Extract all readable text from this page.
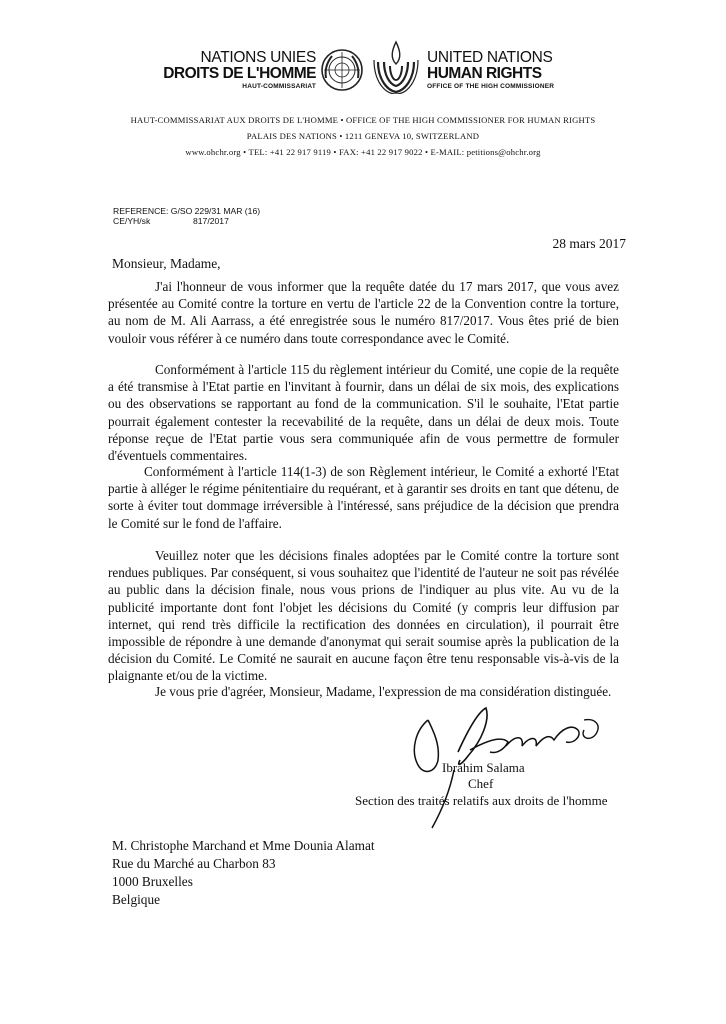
NATIONS UNIES
DROITS DE L'HOMME
HAUT-COMMISSARIAT
UNITED NATIONS
HUMAN RIGHTS
OFFICE OF THE HIGH COMMISSIONER
HAUT-COMMISSARIAT AUX DROITS DE L'HOMME • OFFICE OF THE HIGH COMMISSIONER FOR HUMAN RIGHTS
PALAIS DES NATIONS • 1211 GENEVA 10, SWITZERLAND
www.ohchr.org • TEL: +41 22 917 9119 • FAX: +41 22 917 9022 • E-MAIL: petitions@ohchr.org
REFERENCE: G/SO 229/31 MAR (16)
CE/YH/sk	817/2017
28 mars 2017
Monsieur, Madame,

J'ai l'honneur de vous informer que la requête datée du 17 mars 2017, que vous avez présentée au Comité contre la torture en vertu de l'article 22 de la Convention contre la torture, au nom de M. Ali Aarrass, a été enregistrée sous le numéro 817/2017. Vous êtes prié de bien vouloir vous référer à ce numéro dans toute correspondance avec le Comité.

Conformément à l'article 115 du règlement intérieur du Comité, une copie de la requête a été transmise à l'Etat partie en l'invitant à fournir, dans un délai de six mois, des explications ou des observations se rapportant au fond de la communication. S'il le souhaite, l'Etat partie pourrait également contester la recevabilité de la requête, dans un délai de deux mois. Toute réponse reçue de l'Etat partie vous sera communiquée afin de vous permettre de formuler d'éventuels commentaires.

Conformément à l'article 114(1-3) de son Règlement intérieur, le Comité a exhorté l'Etat partie à alléger le régime pénitentiaire du requérant, et à garantir ses droits en tant que détenu, de sorte à éviter tout dommage irréversible à l'intéressé, sans préjudice de la décision que prendra le Comité sur le fond de l'affaire.

Veuillez noter que les décisions finales adoptées par le Comité contre la torture sont rendues publiques. Par conséquent, si vous souhaitez que l'identité de l'auteur ne soit pas révélée au public dans la décision finale, nous vous prions de l'indiquer au plus vite. Au vu de la publicité importante dont font l'objet les décisions du Comité (y compris leur diffusion par internet, qui rend très difficile la rectification des données en circulation), il pourrait être impossible de répondre à une demande d'anonymat qui serait soumise après la publication de la décision du Comité. Le Comité ne saurait en aucune façon être tenu responsable vis-à-vis de la plaignante et/ou de la victime.

Je vous prie d'agréer, Monsieur, Madame, l'expression de ma considération distinguée.

Ibrahim Salama
Chef
Section des traités relatifs aux droits de l'homme
M. Christophe Marchand et Mme Dounia Alamat
Rue du Marché au Charbon 83
1000 Bruxelles
Belgique
